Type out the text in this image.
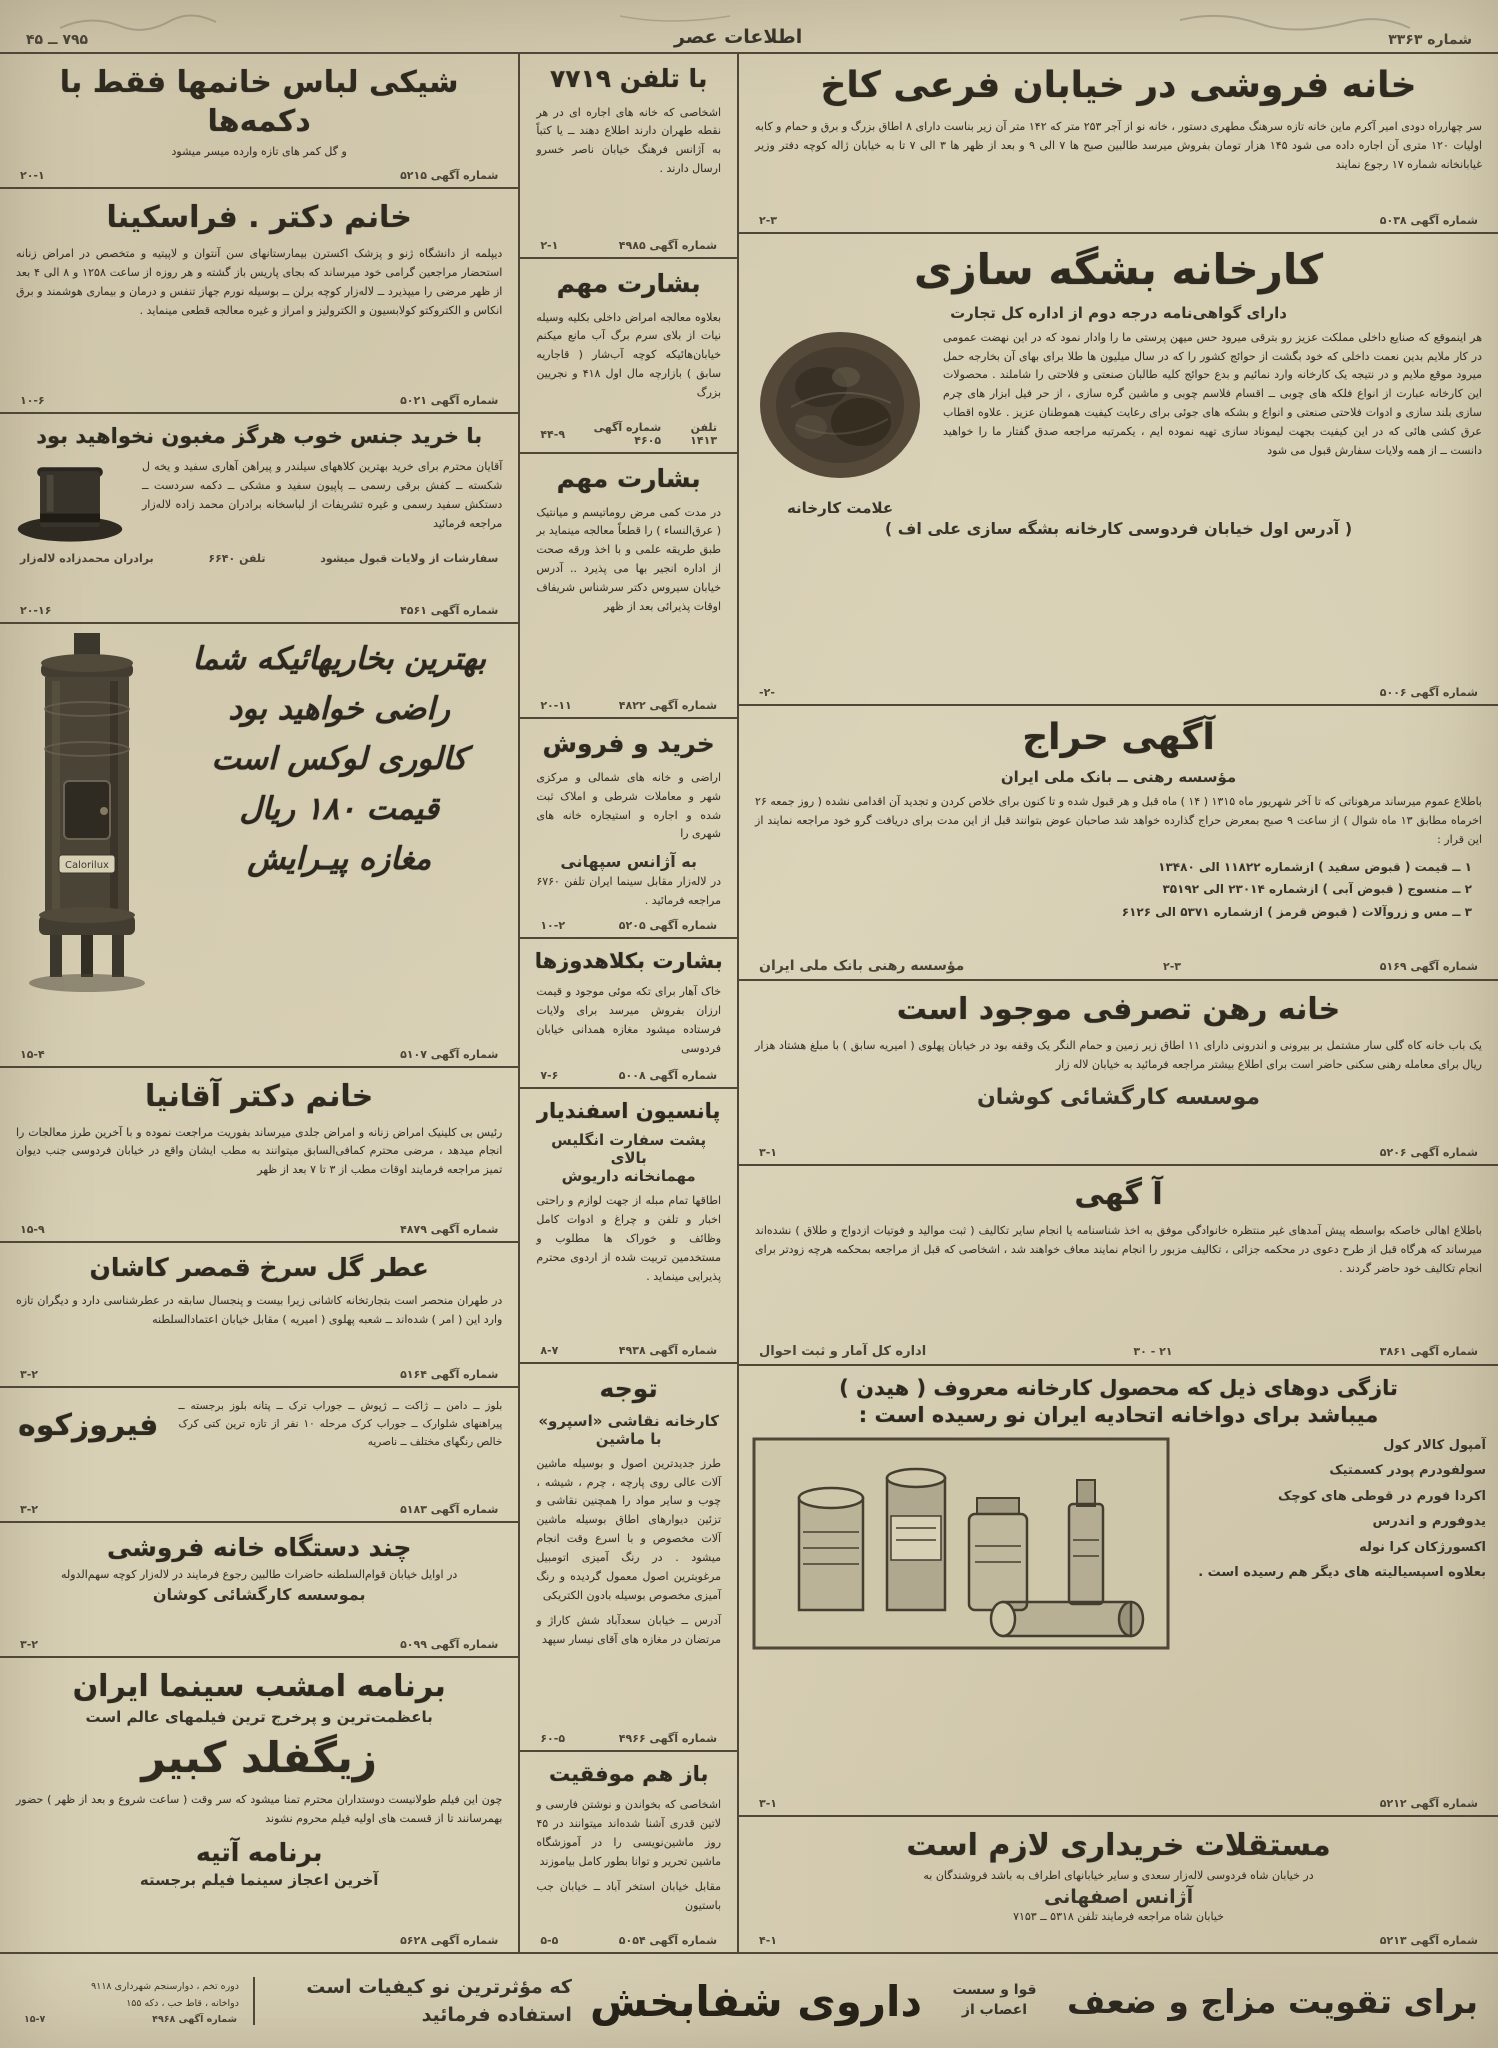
شماره ۳۳۶۳
اطلاعات عصر
۷۹۵ ــ ۴۵
خانه فروشی در خیابان فرعی کاخ

سر چهارراه دودی امیر آکرم ماین خانه تازه سرهنگ مطهری دستور ، خانه نو از آجر ۲۵۳ متر که ۱۴۲ متر آن زیر بناست دارای ۸ اطاق بزرگ و برق و حمام و کابه اولیات ۱۲۰ متری آن اجاره داده می شود ۱۴۵ هزار تومان بفروش میرسد طالبین صبح ها ۷ الی ۹ و بعد از ظهر ها ۳ الی ۷ تا به خیابان ژاله کوچه دفتر وزیر غیابانخانه شماره ۱۷ رجوع نمایند

شماره آگهی ۵۰۳۸
۲-۳
کارخانه بشگه سازی

دارای گواهی‌نامه درجه دوم از اداره کل تجارت

هر اینموقع که صنایع داخلی مملکت عزیز رو بترقی میرود حس میهن پرستی ما را وادار نمود که در این نهضت عمومی در کار ملایم بدین نعمت داخلی که خود بگشت از حوائج کشور را که در سال میلیون ها طلا برای بهای آن بخارجه حمل میرود موقع ملایم و در نتیجه یک کارخانه وارد نمائیم و بدع حوائج کلیه طالبان صنعتی و فلاحتی را شاملند . محصولات این کارخانه عبارت از انواع فلکه های چوبی ــ اقسام فلاسم چوبی و ماشین گره سازی ، از حر فیل ابزار های چرم سازی بلند سازی و ادوات فلاحتی صنعتی و انواع و بشکه های جوئی برای رعایت کیفیت هموطنان عزیز . علاوه اقطاب عرق کشی هائی که در این کیفیت بجهت لیموناد سازی تهیه نموده ایم ، یکمرتبه مراجعه صدق گفتار ما را خواهید دانست ــ از همه ولایات سفارش قبول می شود

علامت کارخانه

( آدرس اول خیابان فردوسی کارخانه بشگه سازی علی اف )

شماره آگهی ۵۰۰۶
-۲-
آگهی حراج

مؤسسه رهنی ــ بانک ملی ایران

باطلاع عموم میرساند مرهوناتی که تا آخر شهریور ماه ۱۳۱۵ ( ۱۴ ) ماه قبل و هر قبول شده و تا کنون برای خلاص کردن و تجدید آن اقدامی نشده ( روز جمعه ۲۶ اخرماه مطابق ۱۳ ماه شوال ) از ساعت ۹ صبح بمعرض حراج گذارده خواهد شد صاحبان عوض بتوانند قبل از این مدت برای دریافت گرو خود مراجعه نمایند از این قرار :

۱ ــ قیمت ( قبوض سفید ) ازشماره ۱۱۸۲۲ الی ۱۳۴۸۰

۲ ــ منسوج ( قبوض آبی ) ازشماره ۲۳۰۱۴ الی ۳۵۱۹۲

۳ ــ مس و زروآلات ( قبوض قرمز ) ازشماره ۵۳۷۱ الی ۶۱۲۶

شماره آگهی ۵۱۶۹
۲-۳
مؤسسه رهنی بانک ملی ایران
خانه رهن تصرفی موجود است

یک باب خانه کاه گلی سار مشتمل بر بیرونی و اندرونی دارای ۱۱ اطاق زیر زمین و حمام النگر یک وقفه بود در خیابان پهلوی ( امیریه سابق ) با مبلغ هشتاد هزار ریال برای معامله رهنی سکنی حاضر است برای اطلاع بیشتر مراجعه فرمائید به خیابان لاله زار

موسسه کارگشائی کوشان

شماره آگهی ۵۲۰۶
۳-۱
آ گهی

باطلاع اهالی خاصکه بواسطه پیش آمدهای غیر منتظره خانوادگی موفق به اخذ شناسنامه یا انجام سایر تکالیف ( ثبت موالید و فوتیات ازدواج و طلاق ) نشده‌اند میرساند که هرگاه قبل از طرح دعوی در محکمه جزائی ، تکالیف مزبور را انجام نمایند معاف خواهند شد ، اشخاصی که قبل از مراجعه بمحکمه هرچه زودتر برای انجام تکالیف خود حاضر گردند .

شماره آگهی ۳۸۶۱
۲۱ - ۳۰
اداره کل آمار و ثبت احوال
تازگی دوهای ذیل که محصول کارخانه معروف ( هیدن )
میباشد برای دواخانه اتحادیه ایران نو رسیده است :
آمپول کالار کول
سولفودرم پودر کسمتیک
اکردا فورم در قوطی های کوچک
یدوفورم و اندرس
اکسورژکان کرا نوله
بعلاوه اسپسیالیته های دیگر هم رسیده است .
شماره آگهی ۵۲۱۲
۳-۱
مستقلات خریداری لازم است

در خیابان شاه فردوسی لاله‌زار سعدی و سایر خیابانهای اطراف به باشد فروشندگان به

آژانس اصفهانی

خیابان شاه مراجعه فرمایند تلفن ۵۳۱۸ ــ ۷۱۵۳

شماره آگهی ۵۲۱۳
۴-۱
با تلفن ۷۷۱۹

اشخاصی که خانه های اجاره ای در هر نقطه طهران دارند اطلاع دهند ــ یا کتباً به آژانس فرهنگ خیابان ناصر خسرو ارسال دارند .

شماره آگهی ۴۹۸۵
۲-۱
بشارت مهم

بعلاوه معالجه امراض داخلی بکلیه وسیله نیات از بلای سرم برگ آب مانع میکنم خیابان‌هائیکه کوچه آب‌شار ( قاجاریه سابق ) بازارچه مال اول ۴۱۸ و نجریین بزرگ

تلفن ۱۴۱۳
شماره آگهی ۴۶۰۵
۴۴-۹
بشارت مهم

در مدت کمی مرض روماتیسم و میانتیک ( عرق‌النساء ) را قطعاً معالجه مینماید بر طبق طریقه علمی و با اخذ ورقه صحت از اداره انجیر بها می پذیرد .. آدرس خیابان سیروس دکتر سرشناس شریفاف اوقات پذیرائی بعد از ظهر

شماره آگهی ۴۸۲۲
۲۰-۱۱
خرید و فروش

اراضی و خانه های شمالی و مرکزی شهر و معاملات شرطی و املاک ثبت شده و اجاره و استیجاره خانه های شهری را

به آژانس سپهانی

در لاله‌زار مقابل سینما ایران تلفن ۶۷۶۰ مراجعه فرمائید .

شماره آگهی ۵۲۰۵
۱۰-۲
بشارت بکلاهدوزها

خاک آهار برای تکه موئی موجود و قیمت ارزان بفروش میرسد برای ولایات فرستاده میشود مغازه همدانی خیابان فردوسی

شماره آگهی ۵۰۰۸
۷-۶
پانسیون اسفندیار

پشت سفارت انگلیس بالای

مهمانخانه داریوش

اطاقها تمام مبله از جهت لوازم و راحتی اخبار و تلفن و چراغ و ادوات کامل وظائف و خوراک ها مطلوب و مستخدمین تربیت شده از اردوی محترم پذیرایی مینماید .

شماره آگهی ۴۹۳۸
۸-۷
توجه

کارخانه نقاشی «اسپرو» با ماشین

طرز جدیدترین اصول و بوسیله ماشین آلات عالی روی پارچه ، چرم ، شیشه ، چوب و سایر مواد را همچنین نقاشی و تزئین دیوارهای اطاق بوسیله ماشین آلات مخصوص و با اسرع وقت انجام میشود . در رنگ آمیزی اتومبیل مرغوبترین اصول معمول گردیده و رنگ آمیزی مخصوص بوسیله بادون الکتریکی

آدرس ــ خیابان سعدآباد شش کاراژ و مرتضان در مغازه های آقای نیسار سپهد

شماره آگهی ۴۹۶۶
۶۰-۵
باز هم موفقیت

اشخاصی که بخواندن و نوشتن فارسی و لاتین قدری آشنا شده‌اند میتوانند در ۴۵ روز ماشین‌نویسی را در آموزشگاه ماشین تحریر و توانا بطور کامل بیاموزند

مقابل خیابان استخر آباد ــ خیابان جب باستیون

شماره آگهی ۵۰۵۴
۵-۵
شیکی لباس خانمها فقط با دکمه‌ها

و گل کمر های تازه وارده میسر میشود

شماره آگهی ۵۲۱۵
۲۰-۱
خانم دکتر . فراسکینا

دیپلمه از دانشگاه ژنو و پزشک اکسترن بیمارستانهای سن آنتوان و لاپیتیه و متخصص در امراض زنانه استحضار مراجعین گرامی خود میرساند که بجای پاریس باز گشته و هر روزه از ساعت ۱۲۵۸ و ۸ الی ۴ بعد از ظهر مرضی را میپذیرد ــ لاله‌زار کوچه برلن ــ بوسیله نورم جهاز تنفس و درمان و بیماری هوشمند و برق انکاس و الکتروکتو کولابسیون و الکترولیز و امراز و غیره معالجه قطعی مینماید .

شماره آگهی ۵۰۲۱
۱۰-۶
با خرید جنس خوب هرگز مغبون نخواهید بود

آقایان محترم برای خرید بهترین کلاههای سیلندر و پیراهن آهاری سفید و یخه ل شکسته ــ کفش برقی رسمی ــ پاپیون سفید و مشکی ــ دکمه سردست ــ دستکش سفید رسمی و غیره تشریفات از لباسخانه برادران محمد زاده لاله‌زار مراجعه فرمائید

سفارشات از ولایات قبول میشود
تلفن ۶۶۴۰
برادران محمدزاده لاله‌زار
شماره آگهی ۴۵۶۱
۲۰-۱۶
بهترین بخاریهائیکه شما
راضی خواهید بود
کالوری لوکس است
قیمت ۱۸۰ ریال
مغازه پیـرایش
Calorilux
شماره آگهی ۵۱۰۷
۱۵-۴
خانم دکتر آقانیا

رئیس بی کلینیک امراض زنانه و امراض جلدی میرساند بفوریت مراجعت نموده و با آخرین طرز معالجات را انجام میدهد ، مرضی محترم کمافی‌السابق میتوانند به مطب ایشان واقع در خیابان فردوسی جنب دیوان تمیز مراجعه فرمایند اوقات مطب از ۳ تا ۷ بعد از ظهر

شماره آگهی ۴۸۷۹
۱۵-۹
عطر گل سرخ قمصر کاشان

در طهران منحصر است بتجارتخانه کاشانی زیرا بیست و پنجسال سابقه در عطرشناسی دارد و دیگران تازه وارد این ( امر ) شده‌اند ــ شعبه پهلوی ( امیریه ) مقابل خیابان اعتمادالسلطنه

شماره آگهی ۵۱۶۴
۳-۲

بلوز ــ دامن ــ ژاکت ــ ژپوش ــ جوراب ترک ــ پتانه بلوز برجسته ــ پیراهنهای شلوارک ــ جوراب کرک مرحله ۱۰ نفر از تازه ترین کتی کرک خالص رنگهای مختلف ــ ناصریه

فیروزکوه
شماره آگهی ۵۱۸۳
۳-۲
چند دستگاه خانه فروشی

در اوایل خیابان قوام‌السلطنه حاضرات طالبین رجوع فرمایند در لاله‌زار کوچه سهم‌الدوله

بموسسه کارگشائی کوشان

شماره آگهی ۵۰۹۹
۳-۲
برنامه امشب سینما ایران

باعظمت‌ترین و پرخرج ترین فیلمهای عالم است

زیگفلد کبیر

چون این فیلم طولانیست دوستداران محترم تمنا میشود که سر وقت ( ساعت شروع و بعد از ظهر ) حضور بهمرسانند تا از قسمت های اولیه فیلم محروم نشوند

برنامه آتیه

آخرین اعجاز سینما فیلم برجسته

شماره آگهی ۵۶۲۸
برای تقویت مزاج و ضعف
قوا و سست اعصاب از
داروی شفابخش
که مؤثرترین نو کیفیات است استفاده فرمائید

دوره تخم ، دوارسنجم شهرداری ۹۱۱۸

دواخانه ، قاط حب ، دکه ۱۵۵

شماره آگهی ۴۹۶۸
۱۵-۷
